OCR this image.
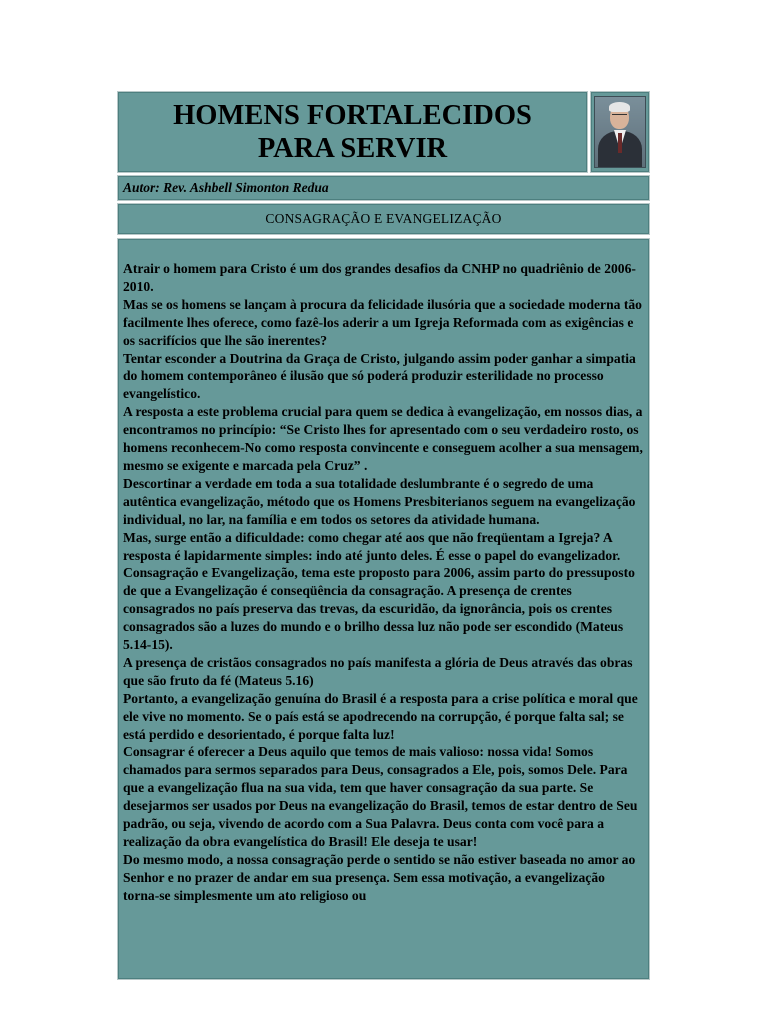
HOMENS FORTALECIDOS
PARA SERVIR
Autor: Rev. Ashbell Simonton Redua
CONSAGRAÇÃO E EVANGELIZAÇÃO

Atrair o homem para Cristo é um dos grandes desafios da CNHP no quadriênio de 2006-2010.

Mas se os homens se lançam à procura da felicidade ilusória que a sociedade moderna tão facilmente lhes oferece, como fazê-los aderir a um Igreja Reformada com as exigências e os sacrifícios que lhe são inerentes?

Tentar esconder a Doutrina da Graça de Cristo, julgando assim poder ganhar a simpatia do homem contemporâneo é ilusão que só poderá produzir esterilidade no processo evangelístico.

A resposta a este problema crucial para quem se dedica à evangelização, em nossos dias, a encontramos no princípio: “Se Cristo lhes for apresentado com o seu verdadeiro rosto, os homens reconhecem-No como resposta convincente e conseguem acolher a sua mensagem, mesmo se exigente e marcada pela Cruz” .

Descortinar a verdade em toda a sua totalidade deslumbrante é o segredo de uma autêntica evangelização, método que os Homens Presbiterianos seguem na evangelização individual, no lar, na família e em todos os setores da atividade humana.

Mas, surge então a dificuldade: como chegar até aos que não freqüentam a Igreja? A resposta é lapidarmente simples: indo até junto deles. É esse o papel do evangelizador.

Consagração e Evangelização, tema este proposto para 2006, assim parto do pressuposto de que a Evangelização é conseqüência da consagração. A presença de crentes consagrados no país preserva das trevas, da escuridão, da ignorância, pois os crentes consagrados são a luzes do mundo e o brilho dessa luz não pode ser escondido (Mateus 5.14-15).

A presença de cristãos consagrados no país manifesta a glória de Deus através das obras que são fruto da fé (Mateus 5.16)

Portanto, a evangelização genuína do Brasil é a resposta para a crise política e moral que ele vive no momento. Se o país está se apodrecendo na corrupção, é porque falta sal; se está perdido e desorientado, é porque falta luz!

Consagrar é oferecer a Deus aquilo que temos de mais valioso: nossa vida! Somos chamados para sermos separados para Deus, consagrados a Ele, pois, somos Dele. Para que a evangelização flua na sua vida, tem que haver consagração da sua parte. Se desejarmos ser usados por Deus na evangelização do Brasil, temos de estar dentro de Seu padrão, ou seja, vivendo de acordo com a Sua Palavra. Deus conta com você para a realização da obra evangelística do Brasil! Ele deseja te usar!

Do mesmo modo, a nossa consagração perde o sentido se não estiver baseada no amor ao Senhor e no prazer de andar em sua presença. Sem essa motivação, a evangelização torna-se simplesmente um ato religioso ou
